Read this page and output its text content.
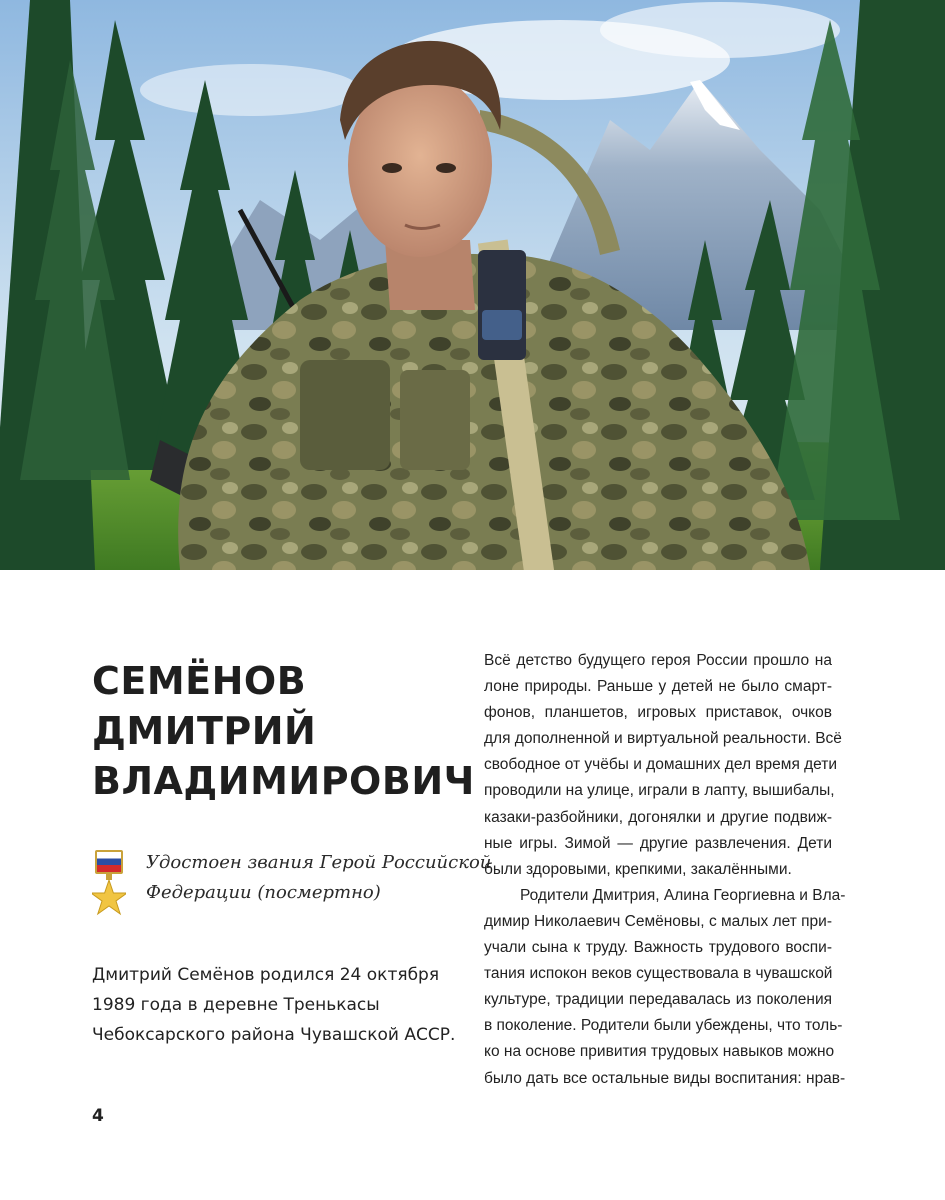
СЕМЁНОВ
ДМИТРИЙ
ВЛАДИМИРОВИЧ

Удостоен звания Герой Российской
Федерации (посмертно)

Дмитрий Семёнов родился 24 октября
1989 года в деревне Тренькасы
Чебоксарского района Чувашской АССР.

Всё детство будущего героя России прошло на
лоне природы. Раньше у детей не было смарт-
фонов, планшетов, игровых приставок, очков
для дополненной и виртуальной реальности. Всё
свободное от учёбы и домашних дел время дети
проводили на улице, играли в лапту, вышибалы,
казаки-разбойники, догонялки и другие подвиж-
ные игры. Зимой — другие развлечения. Дети
были здоровыми, крепкими, закалёнными.
Родители Дмитрия, Алина Георгиевна и Вла-
димир Николаевич Семёновы, с малых лет при-
учали сына к труду. Важность трудового воспи-
тания испокон веков существовала в чувашской
культуре, традиции передавалась из поколения
в поколение. Родители были убеждены, что толь-
ко на основе привития трудовых навыков можно
было дать все остальные виды воспитания: нрав-
4
